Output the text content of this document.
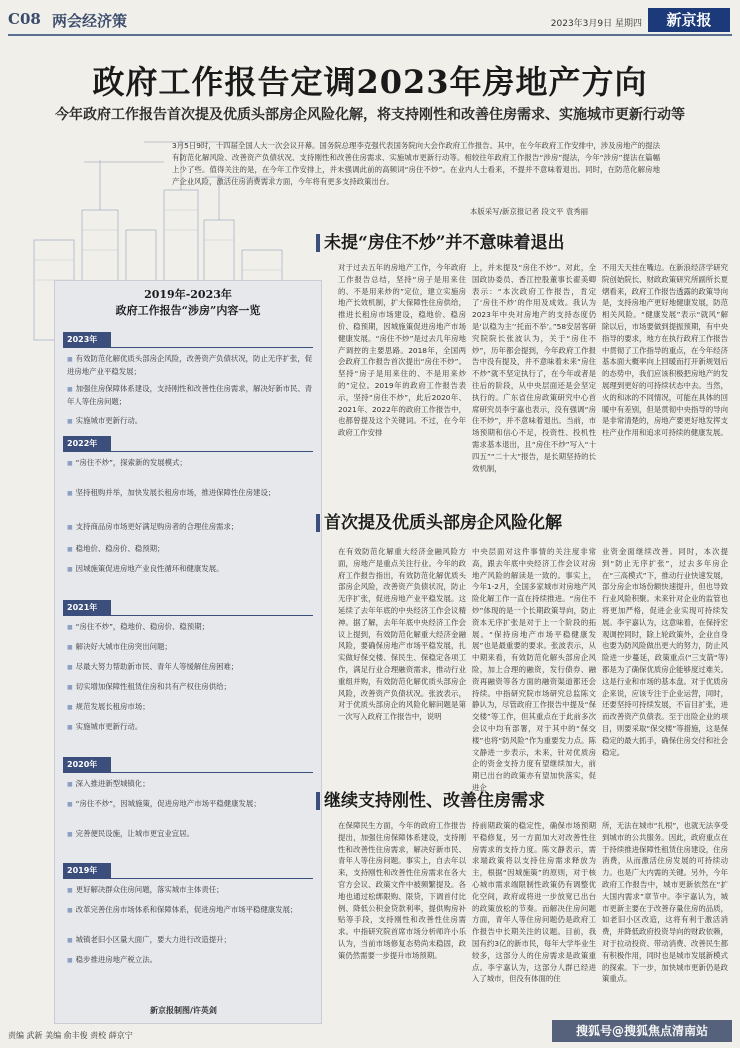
C08 两会经济策	2023年3月9日 星期四	新京报
政府工作报告定调2023年房地产方向
今年政府工作报告首次提及优质头部房企风险化解，将支持刚性和改善住房需求、实施城市更新行动等
3月5日9时，十四届全国人大一次会议开幕。国务院总理李克强代表国务院向大会作政府工作报告。其中，在今年政府工作安排中，涉及房地产的提法有防范化解风险、改善资产负债状况、支持刚性和改善住房需求、实施城市更新行动等。相较往年政府工作报告“涉房”提法，今年“涉房”提法在篇幅上少了些。值得关注的是，在今年工作安排上，并未强调此前的高频词“房住不炒”。在业内人士看来，不提并不意味着退出。同时，在防范化解房地产企业风险，激活住房消费需求方面，今年将有更多支持政策出台。
本版采写/新京报记者 段文平 袁秀丽
2019年-2023年
政府工作报告“涉房”内容一览
2023年
■ 有效防范化解优质头部房企风险，改善资产负债状况，防止无序扩张，促进房地产业平稳发展；
■ 加强住房保障体系建设，支持刚性和改善性住房需求，解决好新市民、青年人等住房问题；
■ 实施城市更新行动。
2022年
■ “房住不炒”，探索新的发展模式；
■ 坚持租购并举，加快发展长租房市场，推进保障性住房建设；
■ 支持商品房市场更好满足购房者的合理住房需求；
■ 稳地价、稳房价、稳预期；
■ 因城施策促进房地产业良性循环和健康发展。
2021年
■ “房住不炒”，稳地价、稳房价、稳预期；
■ 解决好大城市住房突出问题；
■ 尽最大努力帮助新市民、青年人等缓解住房困难；
■ 切实增加保障性租赁住房和共有产权住房供给；
■ 规范发展长租房市场；
■ 实施城市更新行动。
2020年
■ 深入推进新型城镇化；
■ “房住不炒”，因城施策，促进房地产市场平稳健康发展；
■ 完善便民设施，让城市更宜业宜居。
2019年
■ 更好解决群众住房问题，落实城市主体责任；
■ 改革完善住房市场体系和保障体系，促进房地产市场平稳健康发展；
■ 城镇老旧小区量大面广，要大力进行改造提升；
■ 稳步推进房地产税立法。
新京报制图/许英剑
未提“房住不炒”并不意味着退出
对于过去五年的房地产工作，今年政府工作报告总结，坚持“房子是用来住的、不是用来炒的”定位，建立实施房地产长效机制，扩大保障性住房供给，推进长租房市场建设，稳地价、稳房价、稳预期，因城施策促进房地产市场健康发展。“房住不炒”是过去几年房地产调控的主要思路。2018年，全国两会政府工作报告首次提出“房住不炒”。坚持“房子是用来住的、不是用来炒的”定位。2019年的政府工作报告表示，坚持“房住不炒”，此后2020年、2021年、2022年的政府工作报告中，也都曾提及这个关键词。不过，在今年政府工作安排
上，并未提及“房住不炒”。对此，全国政协委员、香江控股董事长翟美卿表示：“本次政府工作报告，肯定了‘房住不炒’的作用及成效。我认为2023年中央对房地产的支持态度仍是‘以稳为主’‘托而不举’。”58安居客研究院院长张波认为，关于“房住不炒”，历年都会提到，今年政府工作报告中没有提及，并不意味着未来“房住不炒”就不坚定执行了，在今年或者是往后的阶段，从中央层面还是会坚定执行的。广东省住房政策研究中心首席研究员李宇嘉也表示，没有强调“房住不炒”，并不意味着退出。当前，市场预期和信心不足，投资性、投机性需求基本退出，且“房住不炒”写入“十四五”“二十大”报告，是长期坚持的长效机制，
不用天天挂在嘴边。在新浪经济学研究院创始院长、财政政策研究所副所长夏熠看来，政府工作报告透露的政策导向是，支持房地产更好地健康发展，防范相关风险。“健康发展”表示“就风”解除以后，市场要做到提振预期，有中央指导的要求，地方在执行政府工作报告中贯彻了工作指导的重点，在今年经济基本面大概率向上回暖而打开新规划后的态势中，我们应该积极把房地产的发展理到更好的可持续状态中去。当然，火的和冰的不同情况，可能在具体的回暖中有差别，但是贯彻中央指导的导向是非常清楚的，房地产要更好地发挥支柱产业作用和追求可持续的健康发展。
首次提及优质头部房企风险化解
在有效防范化解重大经济金融风险方面，房地产是重点关注行业。今年的政府工作报告指出，有效防范化解优质头部房企风险，改善资产负债状况，防止无序扩张，促进房地产业平稳发展。这延续了去年年底的中央经济工作会议精神。据了解，去年年底中央经济工作会议上提到，有效防范化解重大经济金融风险，要确保房地产市场平稳发展，扎实做好保交楼、保民生、保稳定各项工作，满足行业合理融资需求，推动行业重组并购，有效防范化解优质头部房企风险，改善资产负债状况。张波表示，对于优质头部房企的风险化解问题是第一次写入政府工作报告中，说明
中央层面对这件事情的关注度非常高，跟去年底中央经济工作会议对房地产风险的解读是一致的。事实上，今年1-2月，全国多家城市对房地产风险化解工作一直在持续推进。“房住不炒”体现的是一个长期政策导向，防止资本无序扩张是对于上一个阶段的拓展。“保持房地产市场平稳健康发展”也是最重要的要求。张波表示，从中期来看，有效防范化解头部房企风险，加上合理的融资，发行债券、融资再融资等各方面的融资渠道都还会持续。中指研究院市场研究总监陈文静认为，尽管政府工作报告中提及“保交楼”等工作，但其重点在于此前多次会议中均有部署，对于其中的“保交楼”也将“防风险”作为重要发力点。陈文静进一步表示，未来，针对优质房企的资金支持力度有望继续加大，前期已出台的政策亦有望加快落实，促进企
业资金面继续改善。同时，本次提到“防止无序扩张”，过去多年房企在“三高模式”下，推动行业快速发展，部分房企市场份额快速提升，但也导致行业风险积聚。未来针对企业的监管也将更加严格，促进企业实现可持续发展。李宇嘉认为，这意味着，在保持宏观调控同时，除上轮政策外，企业自身也要为防风险做出更大的努力，防止风险进一步蔓延，政策重点("三支箭"等)都是为了确保优质房企能够度过难关。这是行业和市场的基本盘。对于优质房企来说，应该专注于企业运营，同时，还要坚持可持续发展，不盲目扩张，进而改善资产负债表。至于出险企业的项目，则要采取“保交楼”等措施，这是保稳定的最大抓手，确保住房交付和社会稳定。
继续支持刚性、改善住房需求
在保障民生方面，今年的政府工作报告提出，加强住房保障体系建设，支持刚性和改善性住房需求，解决好新市民、青年人等住房问题。事实上，自去年以来，支持刚性和改善性住房需求在各大官方会议、政策文件中被频繁提及。各地也通过松绑限购、限贷，下调首付比例、降低公积金贷款利率，提供购房补贴等手段，支持刚性和改善性住房需求。中指研究院首席市场分析师许小乐认为，当前市场修复态势尚未稳固，政策仍然需要一步提升市场预期。
持前期政策的稳定性，确保市场预期平稳修复，另一方面加大对改善性住房需求的支持力度。陈文静表示，需求端政策将以支持住房需求释放为主，根据“因城施策”的原则，对于核心城市需求端限制性政策仍有调整优化空间，政府或将进一步放宽已出台的政策放松的节奏。而解决住房问题方面，青年人等住房问题仍是政府工作报告中长期关注的议题。目前，我国有约3亿的新市民，每年大学毕业生较多，这部分人的住房需求是政策重点。李宇嘉认为，这部分人群已经进入了城市，但没有体面的住
所，无法在城市“扎根”，也就无法享受到城市的公共服务。因此，政府重点在于持续推进保障性租赁住房建设，住房消费，从而激活住房发展的可持续动力。也是广大内需的关键。另外，今年政府工作报告中，城市更新依然在“扩大国内需求”章节中。李宇嘉认为，城市更新主要在于改善存量住房的品质，如老旧小区改造，这将有利于激活消费，并降低政府投资导向的财政依赖，对于拉动投资、带动消费、改善民生都有积极作用，同时也是城市发展新模式的探索。下一步，加快城市更新仍是政策重点。
责编 武新 美编 俞丰俊 责校 薛京宁	搜狐号@搜狐焦点清南站
